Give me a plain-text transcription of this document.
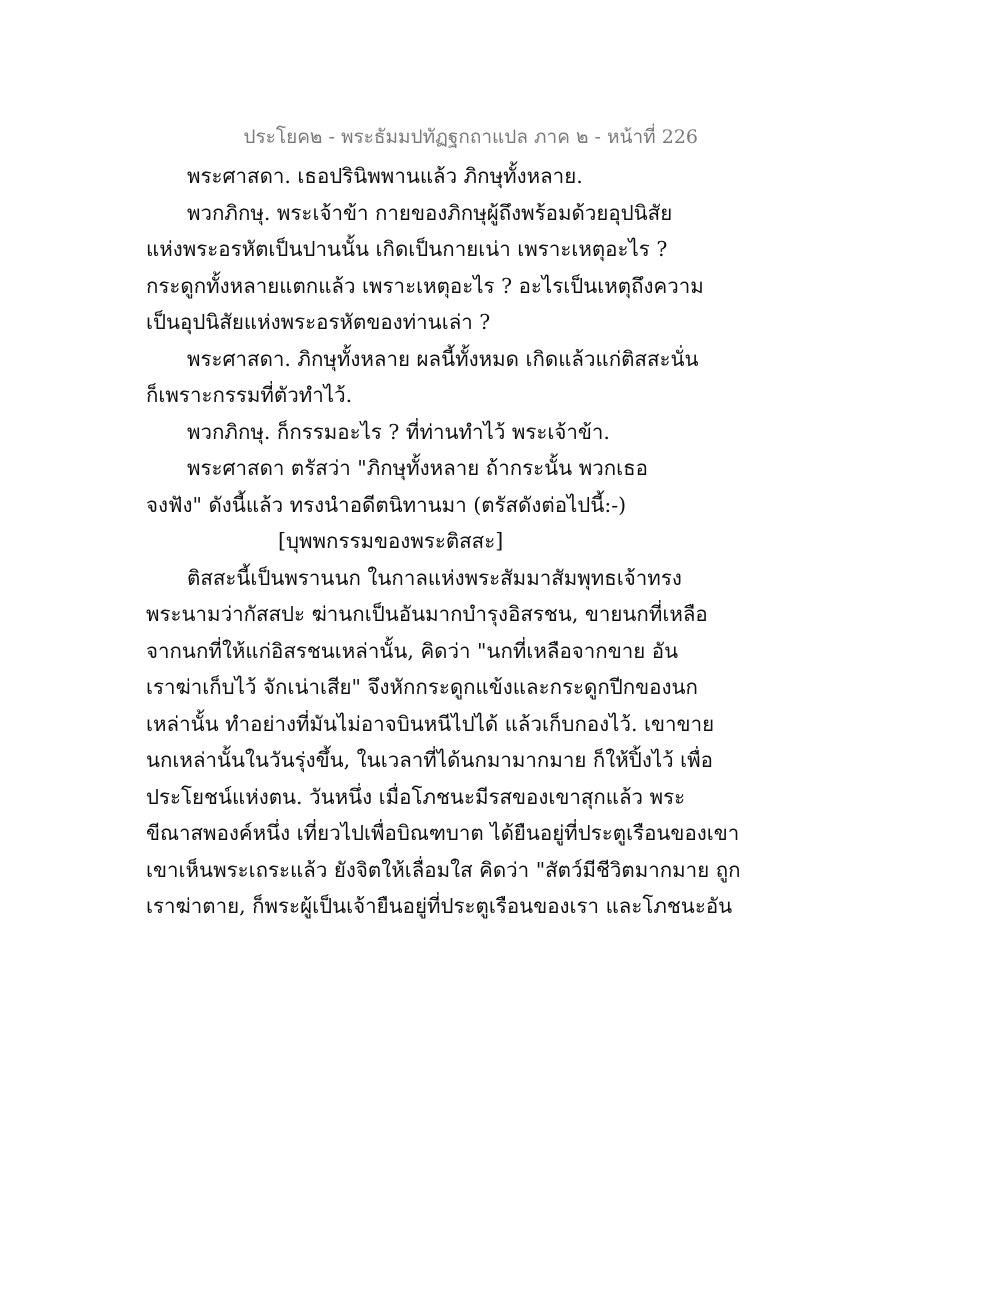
ประโยค๒ - พระธัมมปทัฏฐกถาแปล ภาค ๒ - หน้าที่ 226
พระศาสดา. เธอปรินิพพานแล้ว ภิกษุทั้งหลาย.
พวกภิกษุ. พระเจ้าข้า กายของภิกษุผู้ถึงพร้อมด้วยอุปนิสัย
แห่งพระอรหัตเป็นปานนั้น เกิดเป็นกายเน่า เพราะเหตุอะไร ?
กระดูกทั้งหลายแตกแล้ว เพราะเหตุอะไร ? อะไรเป็นเหตุถึงความ
เป็นอุปนิสัยแห่งพระอรหัตของท่านเล่า ?
พระศาสดา. ภิกษุทั้งหลาย ผลนี้ทั้งหมด เกิดแล้วแก่ติสสะนั่น
ก็เพราะกรรมที่ตัวทำไว้.
พวกภิกษุ. ก็กรรมอะไร ? ที่ท่านทำไว้ พระเจ้าข้า.
พระศาสดา ตรัสว่า "ภิกษุทั้งหลาย ถ้ากระนั้น พวกเธอ
จงฟัง" ดังนี้แล้ว ทรงนำอดีตนิทานมา (ตรัสดังต่อไปนี้:-)
[บุพพกรรมของพระติสสะ]
ติสสะนี้เป็นพรานนก ในกาลแห่งพระสัมมาสัมพุทธเจ้าทรง
พระนามว่ากัสสปะ ฆ่านกเป็นอันมากบำรุงอิสรชน, ขายนกที่เหลือ
จากนกที่ให้แก่อิสรชนเหล่านั้น, คิดว่า "นกที่เหลือจากขาย อัน
เราฆ่าเก็บไว้ จักเน่าเสีย" จึงหักกระดูกแข้งและกระดูกปีกของนก
เหล่านั้น ทำอย่างที่มันไม่อาจบินหนีไปได้ แล้วเก็บกองไว้. เขาขาย
นกเหล่านั้นในวันรุ่งขึ้น, ในเวลาที่ได้นกมามากมาย ก็ให้ปิ้งไว้ เพื่อ
ประโยชน์แห่งตน. วันหนึ่ง เมื่อโภชนะมีรสของเขาสุกแล้ว พระ
ขีณาสพองค์หนึ่ง เที่ยวไปเพื่อบิณฑบาต ได้ยืนอยู่ที่ประตูเรือนของเขา
เขาเห็นพระเถระแล้ว ยังจิตให้เลื่อมใส คิดว่า "สัตว์มีชีวิตมากมาย ถูก
เราฆ่าตาย, ก็พระผู้เป็นเจ้ายืนอยู่ที่ประตูเรือนของเรา และโภชนะอัน
